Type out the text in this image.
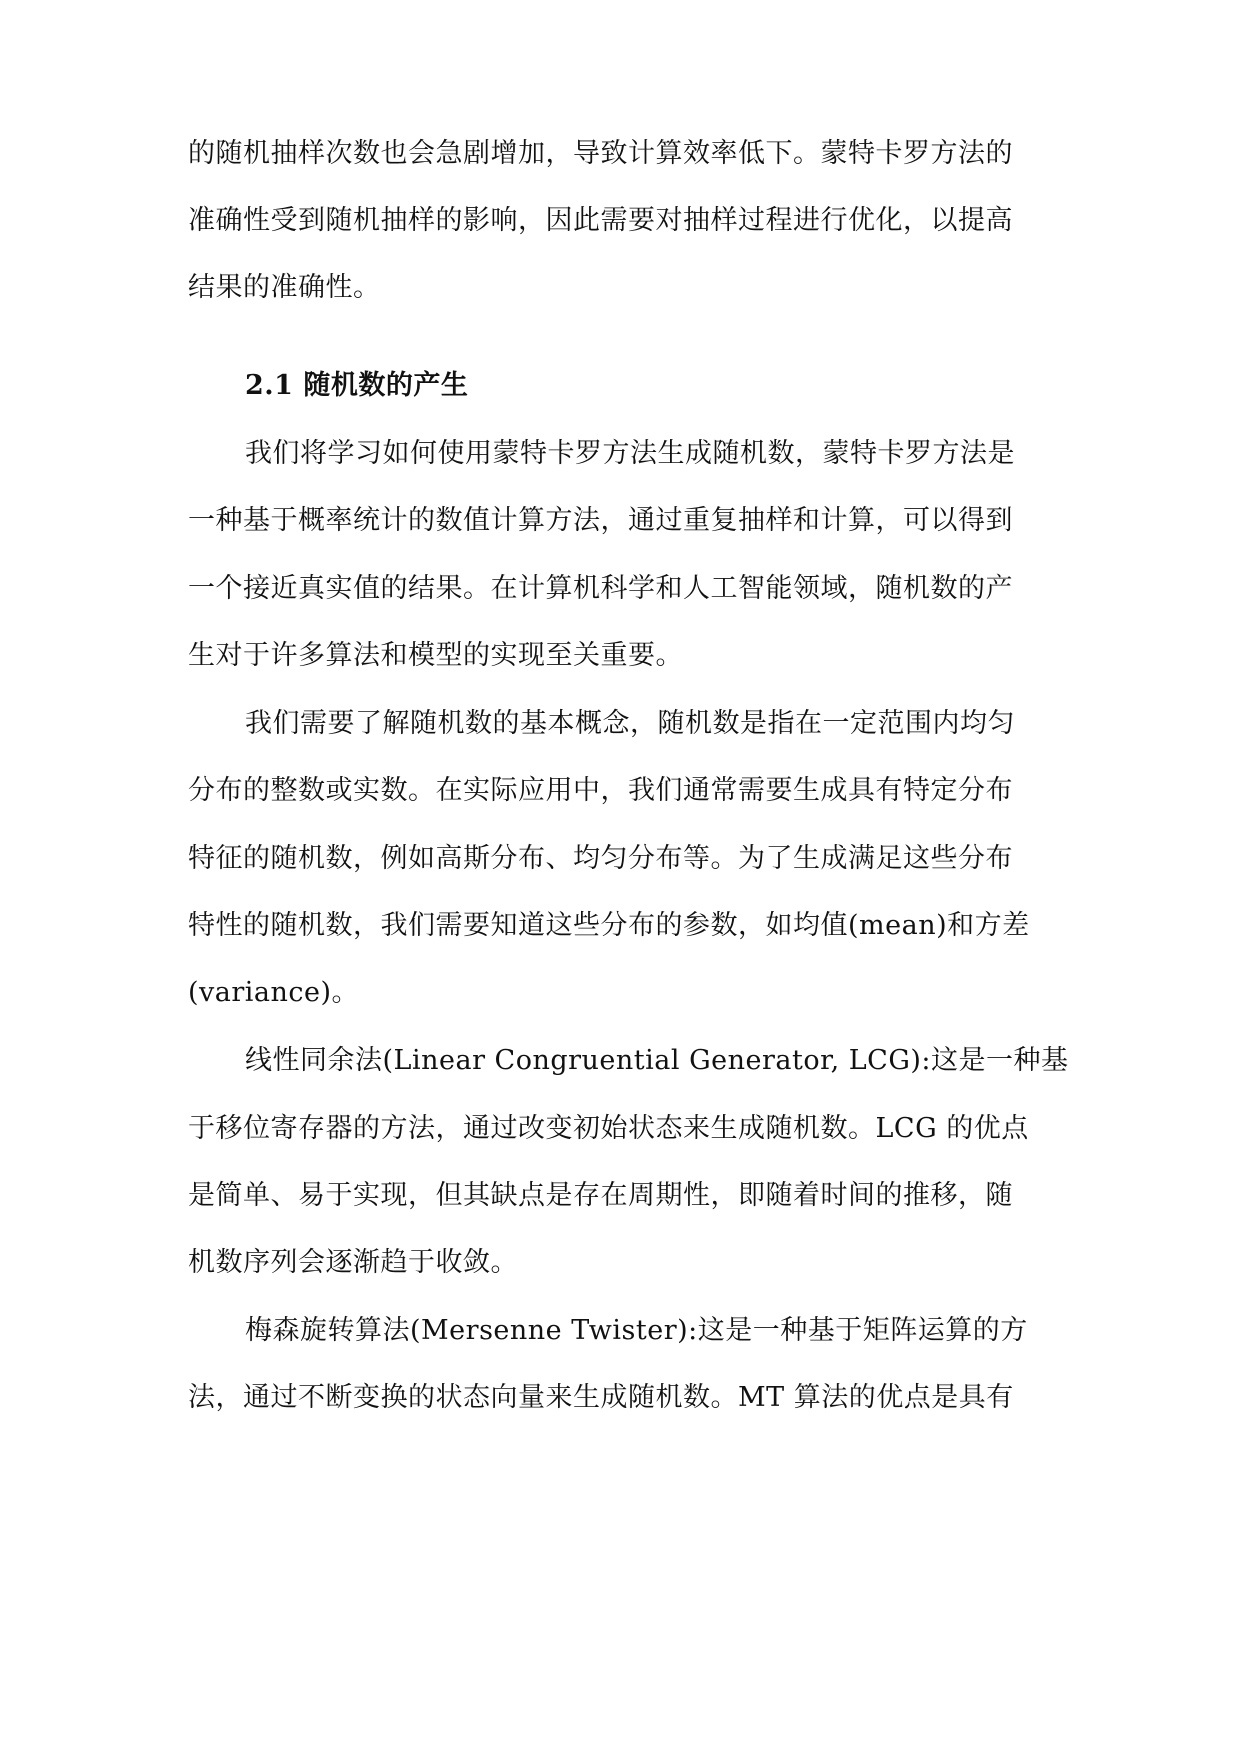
的随机抽样次数也会急剧增加，导致计算效率低下。蒙特卡罗方法的
准确性受到随机抽样的影响，因此需要对抽样过程进行优化，以提高
结果的准确性。
2.1 随机数的产生
我们将学习如何使用蒙特卡罗方法生成随机数，蒙特卡罗方法是
一种基于概率统计的数值计算方法，通过重复抽样和计算，可以得到
一个接近真实值的结果。在计算机科学和人工智能领域，随机数的产
生对于许多算法和模型的实现至关重要。
我们需要了解随机数的基本概念，随机数是指在一定范围内均匀
分布的整数或实数。在实际应用中，我们通常需要生成具有特定分布
特征的随机数，例如高斯分布、均匀分布等。为了生成满足这些分布
特性的随机数，我们需要知道这些分布的参数，如均值(mean)和方差
(variance)。
线性同余法(Linear Congruential Generator, LCG):这是一种基
于移位寄存器的方法，通过改变初始状态来生成随机数。LCG 的优点
是简单、易于实现，但其缺点是存在周期性，即随着时间的推移，随
机数序列会逐渐趋于收敛。
梅森旋转算法(Mersenne Twister):这是一种基于矩阵运算的方
法，通过不断变换的状态向量来生成随机数。MT 算法的优点是具有
